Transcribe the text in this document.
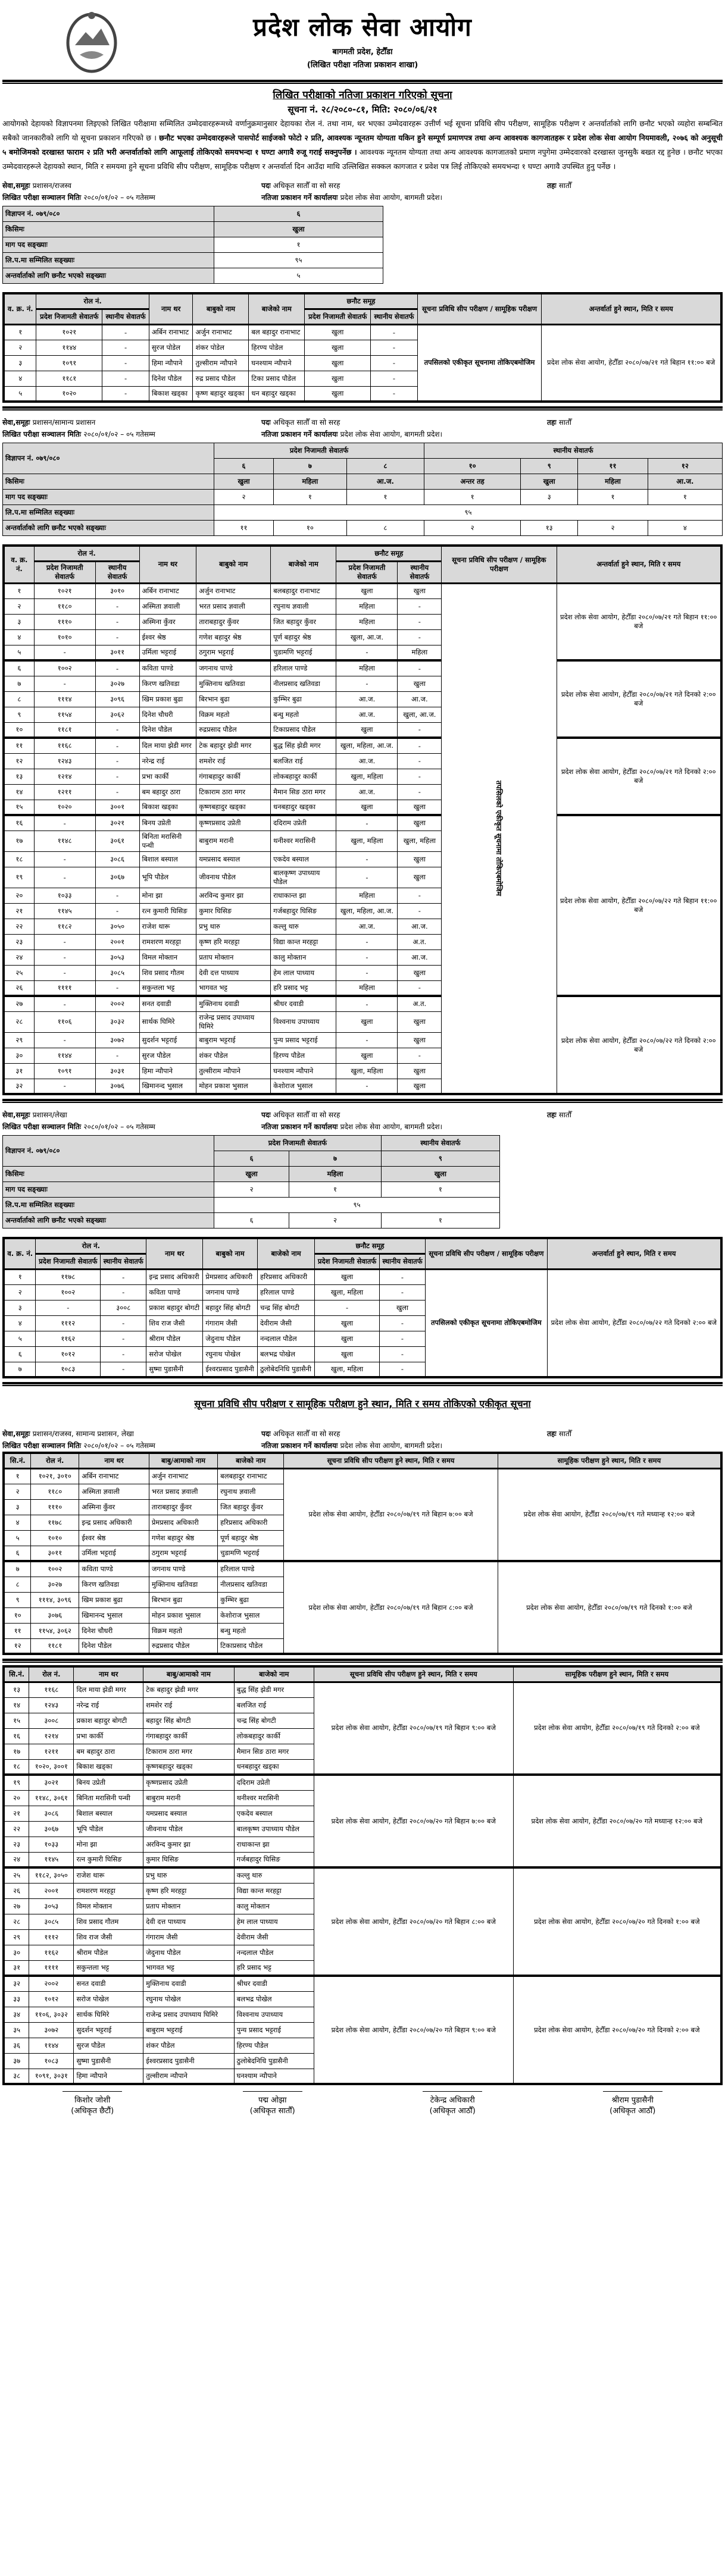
प्रदेश लोक सेवा आयोग
बागमती प्रदेश, हेटौँडा
(लिखित परीक्षा नतिजा प्रकाशन शाखा)
लिखित परीक्षाको नतिजा प्रकाशन गरिएको सूचना
सूचना नं. २८/२०८०-८१, मिति: २०८०/०६/२१

आयोगको देहायको विज्ञापनमा लिइएको लिखित परीक्षामा सम्मिलित उम्मेदवारहरूमध्ये वर्णानुक्रमानुसार देहायका रोल नं. तथा नाम, थर भएका उम्मेदवारहरू उत्तीर्ण भई सूचना प्रविधि सीप परीक्षण, सामूहिक परीक्षण र अन्तर्वार्ताको लागि छनौट भएको व्यहोरा सम्बन्धित सबैको जानकारीको लागि यो सूचना प्रकाशन गरिएको छ । छनौट भएका उम्मेदवारहरूले पासपोर्ट साईजको फोटो २ प्रति, आवश्यक न्यूनतम योग्यता यकिन हुने सम्पूर्ण प्रमाणपत्र तथा अन्य आवश्यक कागजातहरू र प्रदेश लोक सेवा आयोग नियमावली, २०७६ को अनुसूची ५ बमोजिमको दरखास्त फाराम २ प्रति भरी अन्तर्वार्ताको लागि आफूलाई तोकिएको समयभन्दा १ घण्टा अगावै रुजू गराई सक्नुपर्नेछ । आवश्यक न्यूनतम योग्यता तथा अन्य आवश्यक कागजातको प्रमाण नपुगेमा उम्मेदवारको दरखास्त जुनसुकै बखत रद्द हुनेछ । छनौट भएका उम्मेदवारहरूले देहायको स्थान, मिति र समयमा हुने सूचना प्रविधि सीप परीक्षण, सामूहिक परीक्षण र अन्तर्वार्ता दिन आउँदा माथि उल्लिखित सक्कल कागजात र प्रवेश पत्र लिई तोकिएको समयभन्दा १ घण्टा अगावै उपस्थित हुनु पर्नेछ ।

सेवा,समूहः प्रशासन/राजस्व	पदः अधिकृत सातौँ वा सो सरह	तहः सातौँ
लिखित परीक्षा सञ्चालन मितिः २०८०/०१/०२ – ०५ गतेसम्म	नतिजा प्रकाशन गर्ने कार्यालयः प्रदेश लोक सेवा आयोग, बागमती प्रदेश।
विज्ञापन नं. ०७९/०८०	६
किसिमः	खुला
माग पद सङ्ख्याः	१
लि.प.मा सम्मिलित सङ्ख्याः	९५
अन्तर्वार्ताको लागि छनौट भएको सङ्ख्याः	५
व. क्र. नं.	रोल नं.		नाम थर	बाबुको नाम	बाजेको नाम	छनौट समूह		सूचना प्रविधि सीप परीक्षण / सामूहिक परीक्षण	अन्तर्वार्ता हुने स्थान, मिति र समय
	प्रदेश निजामती सेवातर्फ	स्थानीय सेवातर्फ				प्रदेश निजामती सेवातर्फ	स्थानीय सेवातर्फ		
१	१०२१	-	अर्बिन रानाभाट	अर्जुन रानाभाट	बल बहादुर रानाभाट	खुला	-	तपसिलको एकीकृत सूचनामा तोकिएबमोजिम	प्रदेश लोक सेवा आयोग, हेटौँडा २०८०/०७/२१ गते बिहान ११:०० बजे
२	११४४	-	सुरज पोडेल	शंकर पोडेल	हिरण्य पोडेल	खुला	-		
३	१०९१	-	हिमा न्यौपाने	तुल्सीराम न्यौपाने	घनश्याम न्यौपाने	खुला	-		
४	११८१	-	दिनेश पौडेल	रुद्र प्रसाद पौडेल	टिका प्रसाद पौडेल	खुला	-		
५	१०२०	-	बिकाश खड्का	कृष्ण बहादुर खड्का	धन बहादुर खड्का	खुला	-		
सेवा,समूहः प्रशासन/सामान्य प्रशासन	पदः अधिकृत सातौँ वा सो सरह	तहः सातौँ
लिखित परीक्षा सञ्चालन मितिः २०८०/०१/०२ – ०५ गतेसम्म	नतिजा प्रकाशन गर्ने कार्यालयः प्रदेश लोक सेवा आयोग, बागमती प्रदेश।
विज्ञापन नं. ०७९/०८०	प्रदेश निजामती सेवातर्फ			स्थानीय सेवातर्फ			
	६	७	८	१०	९	११	१२
किसिमः	खुला	महिला	आ.ज.	अन्तर तह	खुला	महिला	आ.ज.
माग पद सङ्ख्याः	२	१	१	१	३	१	१
लि.प.मा सम्मिलित सङ्ख्याः	९५						
अन्तर्वार्ताको लागि छनौट भएको सङ्ख्याः	११	१०	८	२	१३	२	४
व. क्र. नं.	रोल नं.		नाम थर	बाबुको नाम	बाजेको नाम	छनौट समूह		सूचना प्रविधि सीप परीक्षण / सामूहिक परीक्षण	अन्तर्वार्ता हुने स्थान, मिति र समय
	प्रदेश निजामती सेवातर्फ	स्थानीय सेवातर्फ				प्रदेश निजामती सेवातर्फ	स्थानीय सेवातर्फ		
१	१०२१	३०१०	अर्बिन रानाभाट	अर्जुन रानाभाट	बलबहादुर रानाभाट	खुला	खुला	तपसिलको एकीकृत सूचनामा तोकिएबमोजिम	प्रदेश लोक सेवा आयोग, हेटौँडा २०८०/०७/२१ गते बिहान ११:०० बजे
२	११८०	-	अस्मिता ज्ञवाली	भरत प्रसाद ज्ञवाली	रघुनाथ ज्ञवाली	महिला	-		
३	१११०	-	अस्मिना कुँवर	ताराबहादुर कुँवर	जित बहादुर कुँवर	महिला	-		
४	१०१०	-	ईश्वर श्रेष्ठ	गणेश बहादुर श्रेष्ठ	पूर्ण बहादुर श्रेष्ठ	खुला, आ.ज.	-		
५	-	३०११	उर्मिला भट्टराई	ठगुराम भट्टराई	चुडामणि भट्टराई	-	महिला		
६	१००२	-	कविता पाण्डे	जगनाथ पाण्डे	हरिलाल पाण्डे	महिला	-		प्रदेश लोक सेवा आयोग, हेटौँडा २०८०/०७/२१ गते दिनको २:०० बजे
७	-	३०२७	किरण खतिवडा	मुक्तिनाथ खतिवडा	नीलप्रसाद खतिवडा	-	खुला		
८	१११४	३०९६	खिम प्रकाश बुढा	बिरभान बुढा	कुम्भिर बुढा	आ.ज.	आ.ज.		
९	११५४	३०६२	दिनेश चौधरी	विक्रम महतो	बन्धु महतो	आ.ज.	खुला, आ.ज.		
१०	११८१	-	दिनेश पौडेल	रुद्रप्रसाद पौडेल	टिकाप्रसाद पौडेल	खुला	-		
११	११६८	-	दिल माया झेडी मगर	टेक बहादुर झेडी मगर	बुद्ध सिंह झेडी मगर	खुला, महिला, आ.ज.	-		प्रदेश लोक सेवा आयोग, हेटौँडा २०८०/०७/२१ गते दिनको २:०० बजे
१२	१२४३	-	नरेन्द्र राई	शमशेर राई	बलजित राई	आ.ज.	-		
१३	१२१४	-	प्रभा कार्की	गंगाबहादुर कार्की	लोकबहादुर कार्की	खुला, महिला	-		
१४	१२११	-	बम बहादुर ठारा	टिकाराम ठारा मगर	मैमान सिङ ठारा मगर	आ.ज.	-		
१५	१०२०	३००१	बिकाश खड्का	कृष्णबहादुर खड्का	धनबहादुर खड्का	खुला	खुला		
१६	-	३०२१	बिनय उप्रेती	कृष्णप्रसाद उप्रेती	ददिराम उप्रेती	-	खुला		प्रदेश लोक सेवा आयोग, हेटौँडा २०८०/०७/२२ गते बिहान ११:०० बजे
१७	११४८	३०६१	बिनिता मरासिनी पन्थी	बाबुराम मरानी	थनीश्वर मरासिनी	खुला, महिला	खुला, महिला		
१८	-	३०८६	बिशाल बस्याल	यमप्रसाद बस्याल	एकदेव बस्याल	-	खुला		
१९	-	३०६७	भूपि पौडेल	जीवनाथ पौडेल	बालकृष्ण उपाध्याय पौडेल	-	खुला		
२०	१०३३	-	मोना झा	अरविन्द कुमार झा	राधाकान्त झा	महिला	-		
२१	११४५	-	रत्न कुमारी घिसिङ	कुमार घिसिङ	गर्जबहादुर घिसिङ	खुला, महिला, आ.ज.	-		
२२	११८२	३०५०	राजेश थारू	प्रभु थारु	कल्लु थारु	आ.ज.	आ.ज.		
२३	-	२००१	रामशरण मरहट्टा	कृष्ण हरि मरहट्टा	विद्या कान्त मरहट्टा	-	अ.त.		
२४	-	३०५३	विमल मोक्तान	प्रताप मोक्तान	कालु मोक्तान	-	आ.ज.		
२५	-	३०८५	शिव प्रसाद गौतम	देवी दत्त पाध्याय	हेम लाल पाध्याय	-	खुला		
२६	११११	-	सकुन्तला भट्ट	भागवत भट्ट	हरि प्रसाद भट्ट	महिला	-		
२७	-	२००२	सनत दवाडी	मुक्तिनाथ दवाडी	श्रीधर दवाडी	-	अ.त.		प्रदेश लोक सेवा आयोग, हेटौँडा २०८०/०७/२२ गते दिनको २:०० बजे
२८	११०६	३०३२	सार्थक घिमिरे	राजेन्द्र प्रसाद उपाध्याय घिमिरे	विश्वनाथ उपाध्याय	खुला	खुला		
२९	-	३०७२	सुदर्शन भट्टराई	बाबुराम भट्टराई	पुन्य प्रसाद भट्टराई	-	खुला		
३०	११४४	-	सुरज पौडेल	शंकर पौडेल	हिरण्य पौडेल	खुला	-		
३१	१०९१	३०३१	हिमा न्यौपाने	तुल्सीराम न्यौपाने	घनश्याम न्यौपाने	खुला, महिला	खुला		
३२	-	३०७६	खिमानन्द भुसाल	मोहन प्रकाश भुसाल	केशोराज भुसाल	-	खुला		
सेवा,समूहः प्रशासन/लेखा	पदः अधिकृत सातौँ वा सो सरह	तहः सातौँ
लिखित परीक्षा सञ्चालन मितिः २०८०/०१/०२ – ०५ गतेसम्म	नतिजा प्रकाशन गर्ने कार्यालयः प्रदेश लोक सेवा आयोग, बागमती प्रदेश।
विज्ञापन नं. ०७९/०८०	प्रदेश निजामती सेवातर्फ		स्थानीय सेवातर्फ
	६	७	९
किसिमः	खुला	महिला	खुला
माग पद सङ्ख्याः	२	१	१
लि.प.मा सम्मिलित सङ्ख्याः	९५		
अन्तर्वार्ताको लागि छनौट भएको सङ्ख्याः	६	२	१
व. क्र. नं.	रोल नं.		नाम थर	बाबुको नाम	बाजेको नाम	छनौट समूह		सूचना प्रविधि सीप परीक्षण / सामूहिक परीक्षण	अन्तर्वार्ता हुने स्थान, मिति र समय
	प्रदेश निजामती सेवातर्फ	स्थानीय सेवातर्फ				प्रदेश निजामती सेवातर्फ	स्थानीय सेवातर्फ		
१	११७८	-	इन्द्र प्रसाद अधिकारी	प्रेमप्रसाद अधिकारी	हरिप्रसाद अधिकारी	खुला	-	तपसिलको एकीकृत सूचनामा तोकिएबमोजिम	प्रदेश लोक सेवा आयोग, हेटौँडा २०८०/०७/२२ गते दिनको २:०० बजे
२	१००२	-	कविता पाण्डे	जगनाथ पाण्डे	हरिलाल पाण्डे	खुला, महिला	-		
३	-	३००८	प्रकाश बहादुर बोगटी	बहादुर सिंह बोगटी	चन्द्र सिंह बोगटी	-	खुला		
४	१११२	-	शिव राज जैसी	गंगाराम जैसी	देवीराम जैसी	खुला	-		
५	११६२	-	श्रीराम पौडेल	जेदुनाथ पौडेल	नन्दलाल पौडेल	खुला	-		
६	१०१२	-	सरोज पोखेल	रघुनाथ पोखेल	बलभद्र पोखेल	खुला	-		
७	१०८३	-	सुष्मा पुडासैनी	ईश्वरप्रसाद पुडासैनी	ठुलोबेदनिधि पुडासैनी	खुला, महिला	-		
सूचना प्रविधि सीप परीक्षण र सामूहिक परीक्षण हुने स्थान, मिति र समय तोकिएको एकीकृत सूचना
सेवा,समूहः प्रशासन/राजस्व, सामान्य प्रशासन, लेखा	पदः अधिकृत सातौँ वा सो सरह	तहः सातौँ
लिखित परीक्षा सञ्चालन मितिः २०८०/०१/०२ – ०५ गतेसम्म	नतिजा प्रकाशन गर्ने कार्यालयः प्रदेश लोक सेवा आयोग, बागमती प्रदेश।
सि.नं.	रोल नं.	नाम थर	बाबु/आमाको नाम	बाजेको नाम	सूचना प्रविधि सीप परीक्षण हुने स्थान, मिति र समय	सामूहिक परीक्षण हुने स्थान, मिति र समय
१	१०२१, ३०१०	अर्बिन रानाभाट	अर्जुन रानाभाट	बलबहादुर रानाभाट	प्रदेश लोक सेवा आयोग, हेटौँडा २०८०/०७/१९ गते बिहान ७:०० बजे	प्रदेश लोक सेवा आयोग, हेटौँडा २०८०/०७/१९ गते मध्यान्ह १२:०० बजे
२	११८०	अस्मिता ज्ञवाली	भरत प्रसाद ज्ञवाली	रघुनाथ ज्ञवाली		
३	१११०	अस्मिना कुँवर	ताराबहादुर कुँवर	जित बहादुर कुँवर		
४	११७८	इन्द्र प्रसाद अधिकारी	प्रेमप्रसाद अधिकारी	हरिप्रसाद अधिकारी		
५	१०१०	ईश्वर श्रेष्ठ	गणेश बहादुर श्रेष्ठ	पूर्ण बहादुर श्रेष्ठ		
६	३०११	उर्मिला भट्टराई	ठगुराम भट्टराई	चुडामणि भट्टराई		
७	१००२	कविता पाण्डे	जगनाथ पाण्डे	हरिलाल पाण्डे	प्रदेश लोक सेवा आयोग, हेटौँडा २०८०/०७/१९ गते बिहान ८:०० बजे	प्रदेश लोक सेवा आयोग, हेटौँडा २०८०/०७/१९ गते दिनको १:०० बजे
८	३०२७	किरण खतिवडा	मुक्तिनाथ खतिवडा	नीलप्रसाद खतिवडा		
९	१११४, ३०९६	खिम प्रकाश बुढा	बिरभान बुढा	कुम्भिर बुढा		
१०	३०७६	खिमानन्द भुसाल	मोहन प्रकाश भुसाल	केशोराज भुसाल		
११	११५४, ३०६२	दिनेश चौधरी	विक्रम महतो	बन्धु महतो		
१२	११८१	दिनेश पौडेल	रुद्रप्रसाद पौडेल	टिकाप्रसाद पौडेल		
सि.नं.	रोल नं.	नाम थर	बाबु/आमाको नाम	बाजेको नाम	सूचना प्रविधि सीप परीक्षण हुने स्थान, मिति र समय	सामूहिक परीक्षण हुने स्थान, मिति र समय
१३	११६८	दिल माया झेडी मगर	टेक बहादुर झेडी मगर	बुद्ध सिंह झेडी मगर	प्रदेश लोक सेवा आयोग, हेटौँडा २०८०/०७/१९ गते बिहान ९:०० बजे	प्रदेश लोक सेवा आयोग, हेटौँडा २०८०/०७/१९ गते दिनको २:०० बजे
१४	१२४३	नरेन्द्र राई	शमशेर राई	बलजित राई		
१५	३००८	प्रकाश बहादुर बोगटी	बहादुर सिंह बोगटी	चन्द्र सिंह बोगटी		
१६	१२१४	प्रभा कार्की	गंगाबहादुर कार्की	लोकबहादुर कार्की		
१७	१२११	बम बहादुर ठारा	टिकाराम ठारा मगर	मैमान सिङ ठारा मगर		
१८	१०२०, ३००१	बिकाश खड्का	कृष्णबहादुर खड्का	धनबहादुर खड्का		
१९	३०२१	बिनय उप्रेती	कृष्णप्रसाद उप्रेती	ददिराम उप्रेती	प्रदेश लोक सेवा आयोग, हेटौँडा २०८०/०७/२० गते बिहान ७:०० बजे	प्रदेश लोक सेवा आयोग, हेटौँडा २०८०/०७/२० गते मध्यान्ह १२:०० बजे
२०	११४८, ३०६१	बिनिता मरासिनी पन्थी	बाबुराम मरानी	थनीश्वर मरासिनी		
२१	३०८६	बिशाल बस्याल	यमप्रसाद बस्याल	एकदेव बस्याल		
२२	३०६७	भूपि पौडेल	जीवनाथ पौडेल	बालकृष्ण उपाध्याय पौडेल		
२३	१०३३	मोना झा	अरविन्द कुमार झा	राधाकान्त झा		
२४	११४५	रत्न कुमारी घिसिङ	कुमार घिसिङ	गर्जबहादुर घिसिङ		
२५	११८२, ३०५०	राजेश थारू	प्रभु थारु	कल्लु थारु	प्रदेश लोक सेवा आयोग, हेटौँडा २०८०/०७/२० गते बिहान ८:०० बजे	प्रदेश लोक सेवा आयोग, हेटौँडा २०८०/०७/२० गते दिनको १:०० बजे
२६	२००१	रामशरण मरहट्टा	कृष्ण हरि मरहट्टा	विद्या कान्त मरहट्टा		
२७	३०५३	विमल मोक्तान	प्रताप मोक्तान	कालु मोक्तान		
२८	३०८५	शिव प्रसाद गौतम	देवी दत्त पाध्याय	हेम लाल पाध्याय		
२९	१११२	शिव राज जैसी	गंगाराम जैसी	देवीराम जैसी		
३०	११६२	श्रीराम पौडेल	जेदुनाथ पौडेल	नन्दलाल पौडेल		
३१	११११	सकुन्तला भट्ट	भागवत भट्ट	हरि प्रसाद भट्ट		
३२	२००२	सनत दवाडी	मुक्तिनाथ दवाडी	श्रीधर दवाडी	प्रदेश लोक सेवा आयोग, हेटौँडा २०८०/०७/२० गते बिहान ९:०० बजे	प्रदेश लोक सेवा आयोग, हेटौँडा २०८०/०७/२० गते दिनको २:०० बजे
३३	१०१२	सरोज पोखेल	रघुनाथ पोखेल	बलभद्र पोखेल		
३४	११०६, ३०३२	सार्थक घिमिरे	राजेन्द्र प्रसाद उपाध्याय घिमिरे	विश्वनाथ उपाध्याय		
३५	३०७२	सुदर्शन भट्टराई	बाबुराम भट्टराई	पुन्य प्रसाद भट्टराई		
३६	११४४	सुरज पौडेल	शंकर पौडेल	हिरण्य पौडेल		
३७	१०८३	सुष्मा पुडासैनी	ईश्वरप्रसाद पुडासैनी	ठुलोबेदनिधि पुडासैनी		
३८	१०९१, ३०३१	हिमा न्यौपाने	तुल्सीराम न्यौपाने	घनश्याम न्यौपाने		
किशोर जोशी
(अधिकृत छैटौं)
पद्म ओझा
(अधिकृत सातौँ)
टेकेन्द्र अधिकारी
(अधिकृत आठौँ)
श्रीराम पुडासैनी
(अधिकृत आठौँ)
